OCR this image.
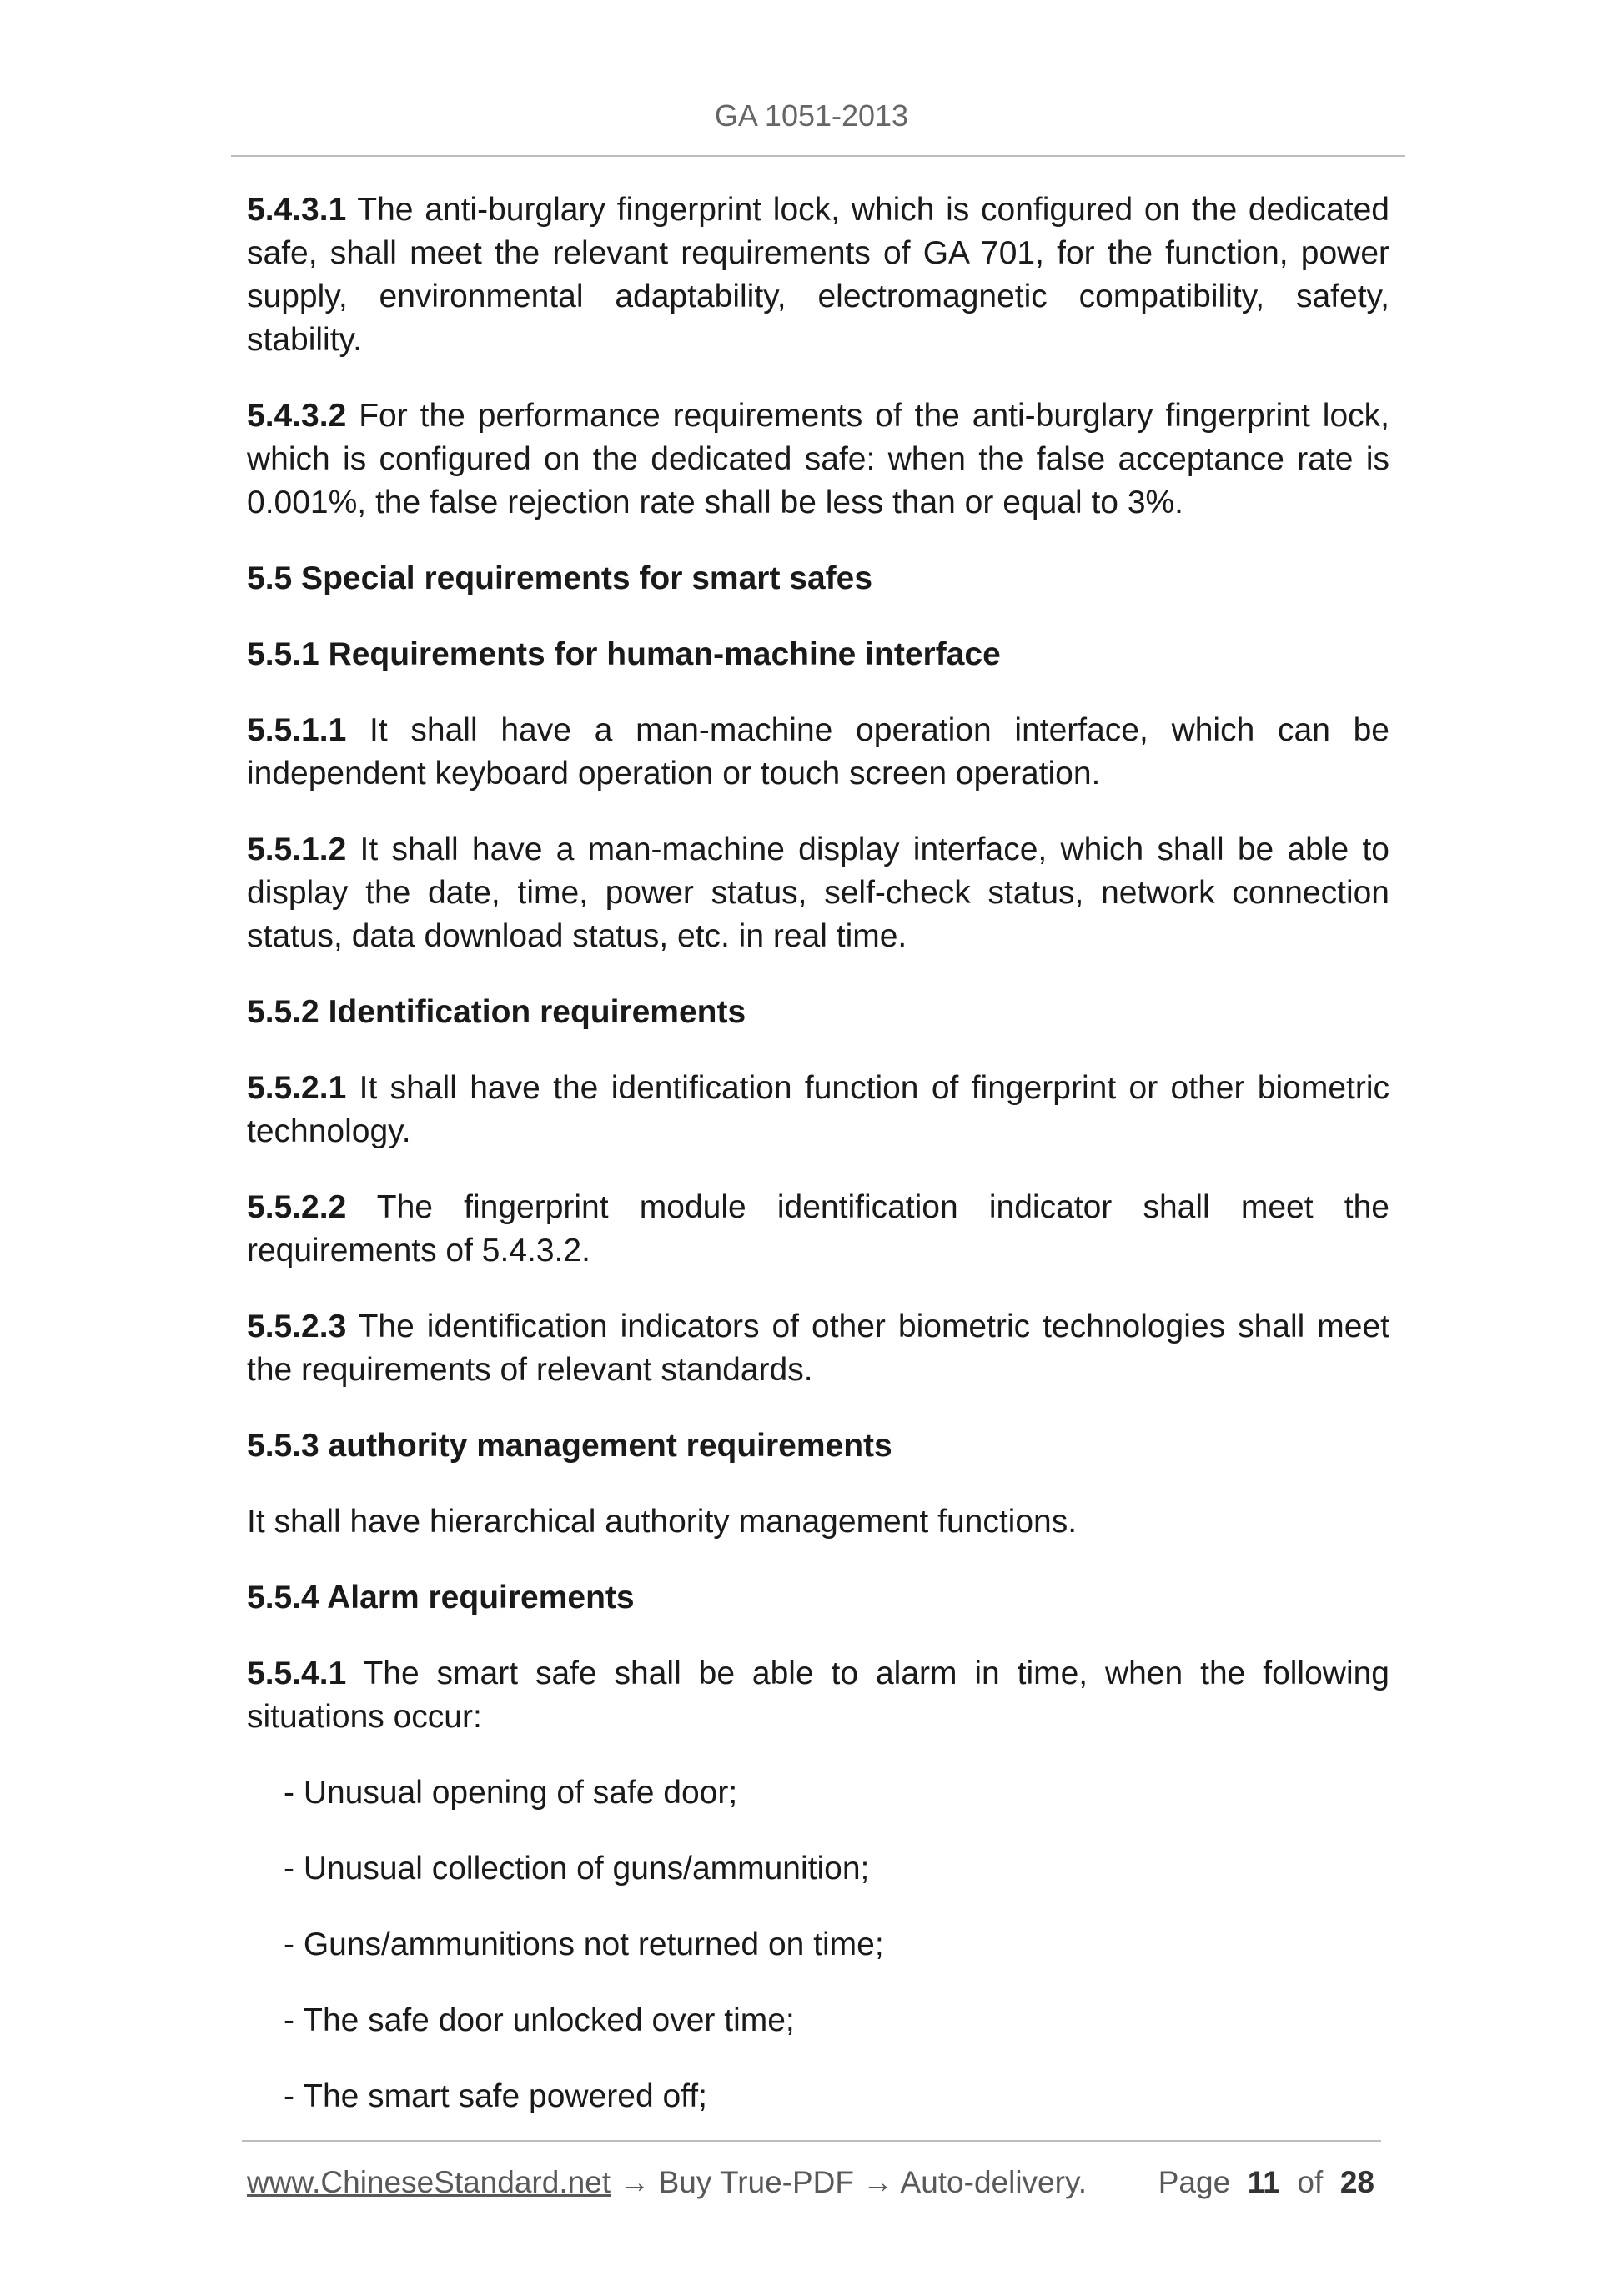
GA 1051-2013

5.4.3.1 The anti-burglary fingerprint lock, which is configured on the dedicated safe, shall meet the relevant requirements of GA 701, for the function, power supply, environmental adaptability, electromagnetic compatibility, safety, stability.

5.4.3.2 For the performance requirements of the anti-burglary fingerprint lock, which is configured on the dedicated safe: when the false acceptance rate is 0.001%, the false rejection rate shall be less than or equal to 3%.

5.5 Special requirements for smart safes

5.5.1 Requirements for human-machine interface

5.5.1.1 It shall have a man-machine operation interface, which can be independent keyboard operation or touch screen operation.

5.5.1.2 It shall have a man-machine display interface, which shall be able to display the date, time, power status, self-check status, network connection status, data download status, etc. in real time.

5.5.2 Identification requirements

5.5.2.1 It shall have the identification function of fingerprint or other biometric technology.

5.5.2.2 The fingerprint module identification indicator shall meet the requirements of 5.4.3.2.

5.5.2.3 The identification indicators of other biometric technologies shall meet the requirements of relevant standards.

5.5.3 authority management requirements

It shall have hierarchical authority management functions.

5.5.4 Alarm requirements

5.5.4.1 The smart safe shall be able to alarm in time, when the following situations occur:

- Unusual opening of safe door;

- Unusual collection of guns/ammunition;

- Guns/ammunitions not returned on time;

- The safe door unlocked over time;

- The smart safe powered off;

www.ChineseStandard.net → Buy True-PDF → Auto-delivery. Page 11 of 28
